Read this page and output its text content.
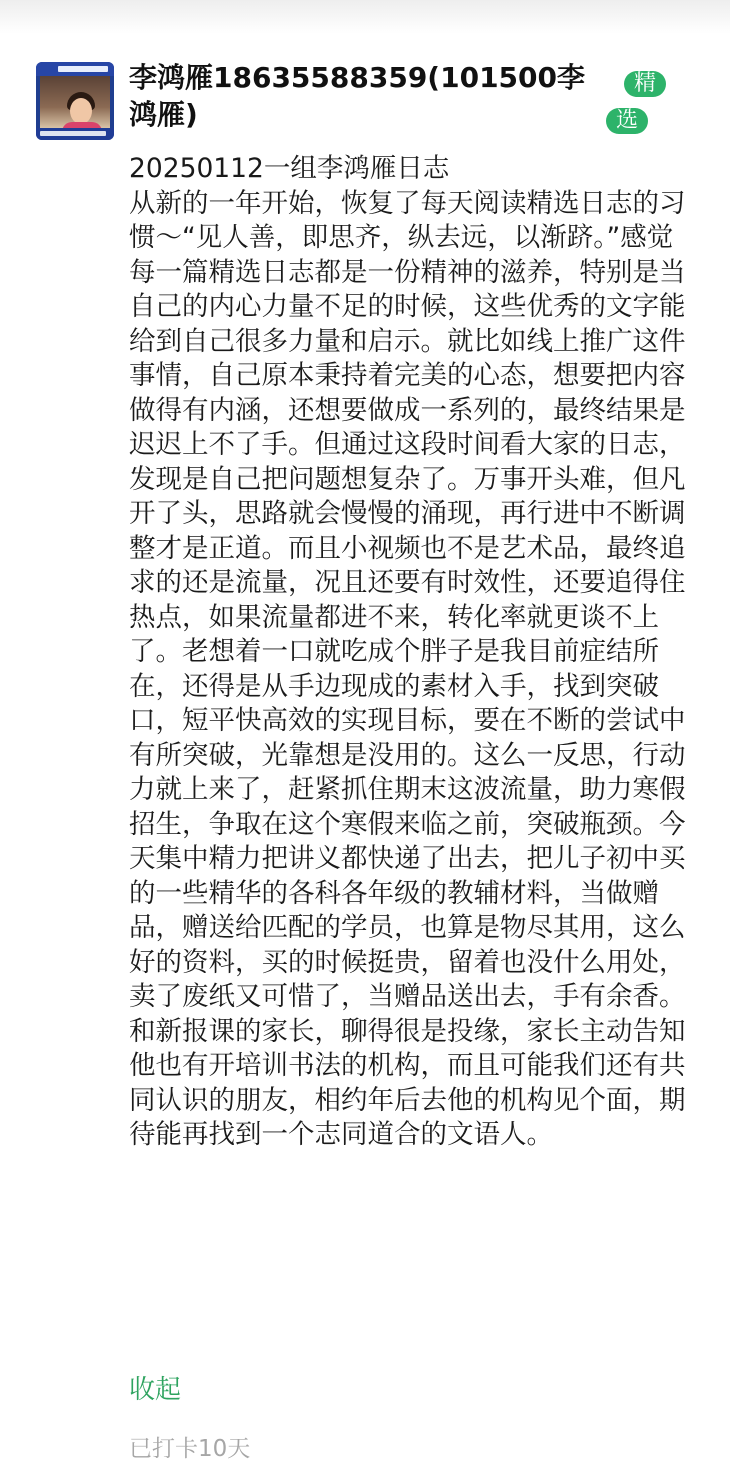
李鸿雁18635588359(101500李鸿雁)
精
选

20250112一组李鸿雁日志

从新的一年开始，恢复了每天阅读精选日志的习惯～“见人善，即思齐，纵去远，以渐跻。”感觉每一篇精选日志都是一份精神的滋养，特别是当自己的内心力量不足的时候，这些优秀的文字能给到自己很多力量和启示。就比如线上推广这件事情，自己原本秉持着完美的心态，想要把内容做得有内涵，还想要做成一系列的，最终结果是迟迟上不了手。但通过这段时间看大家的日志，发现是自己把问题想复杂了。万事开头难，但凡开了头，思路就会慢慢的涌现，再行进中不断调整才是正道。而且小视频也不是艺术品，最终追求的还是流量，况且还要有时效性，还要追得住热点，如果流量都进不来，转化率就更谈不上了。老想着一口就吃成个胖子是我目前症结所在，还得是从手边现成的素材入手，找到突破口，短平快高效的实现目标，要在不断的尝试中有所突破，光靠想是没用的。这么一反思，行动力就上来了，赶紧抓住期末这波流量，助力寒假招生，争取在这个寒假来临之前，突破瓶颈。今天集中精力把讲义都快递了出去，把儿子初中买的一些精华的各科各年级的教辅材料，当做赠品，赠送给匹配的学员，也算是物尽其用，这么好的资料，买的时候挺贵，留着也没什么用处，卖了废纸又可惜了，当赠品送出去，手有余香。

和新报课的家长，聊得很是投缘，家长主动告知他也有开培训书法的机构，而且可能我们还有共同认识的朋友，相约年后去他的机构见个面，期待能再找到一个志同道合的文语人。

收起
已打卡10天
